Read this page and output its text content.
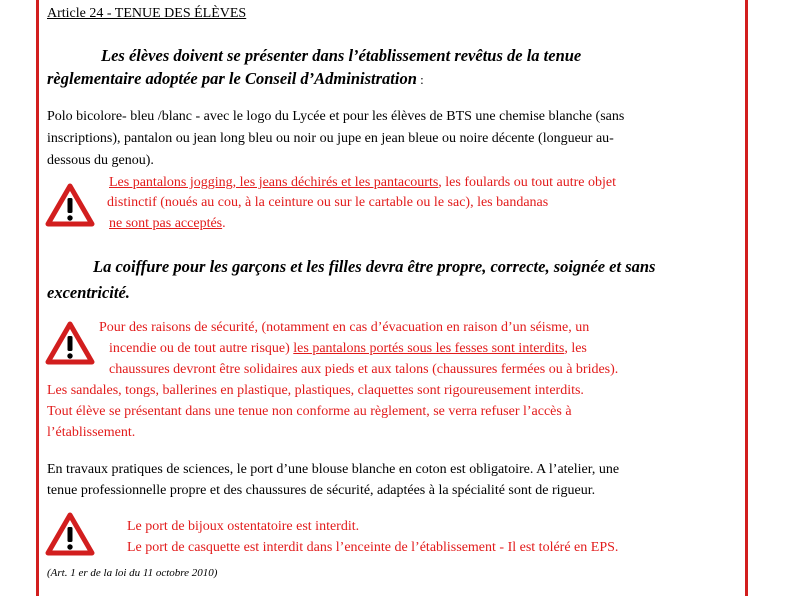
Article 24 - TENUE DES ÉLÈVES
Les élèves doivent se présenter dans l’établissement revêtus de la tenue
règlementaire adoptée par le Conseil d’Administration :
Polo bicolore- bleu /blanc - avec le logo du Lycée et pour les élèves de BTS une chemise blanche (sans
inscriptions), pantalon ou jean long bleu ou noir ou jupe en jean bleue ou noire décente (longueur au-
dessous du genou).
Les pantalons jogging, les jeans déchirés et les pantacourts, les foulards ou tout autre objet
distinctif (noués au cou, à la ceinture ou sur le cartable ou le sac), les bandanas
ne sont pas acceptés.
La coiffure pour les garçons et les filles devra être propre, correcte, soignée et sans
excentricité.
Pour des raisons de sécurité, (notamment en cas d’évacuation en raison d’un séisme, un
incendie ou de tout autre risque) les pantalons portés sous les fesses sont interdits, les
chaussures devront être solidaires aux pieds et aux talons (chaussures fermées ou à brides).
Les sandales, tongs, ballerines en plastique, plastiques, claquettes sont rigoureusement interdits.
Tout élève se présentant dans une tenue non conforme au règlement, se verra refuser l’accès à
l’établissement.
En travaux pratiques de sciences, le port d’une blouse blanche en coton est obligatoire. A l’atelier, une
tenue professionnelle propre et des chaussures de sécurité, adaptées à la spécialité sont de rigueur.
Le port de bijoux ostentatoire est interdit.
Le port de casquette est interdit dans l’enceinte de l’établissement - Il est toléré en EPS.
(Art. 1 er de la loi du 11 octobre 2010)
